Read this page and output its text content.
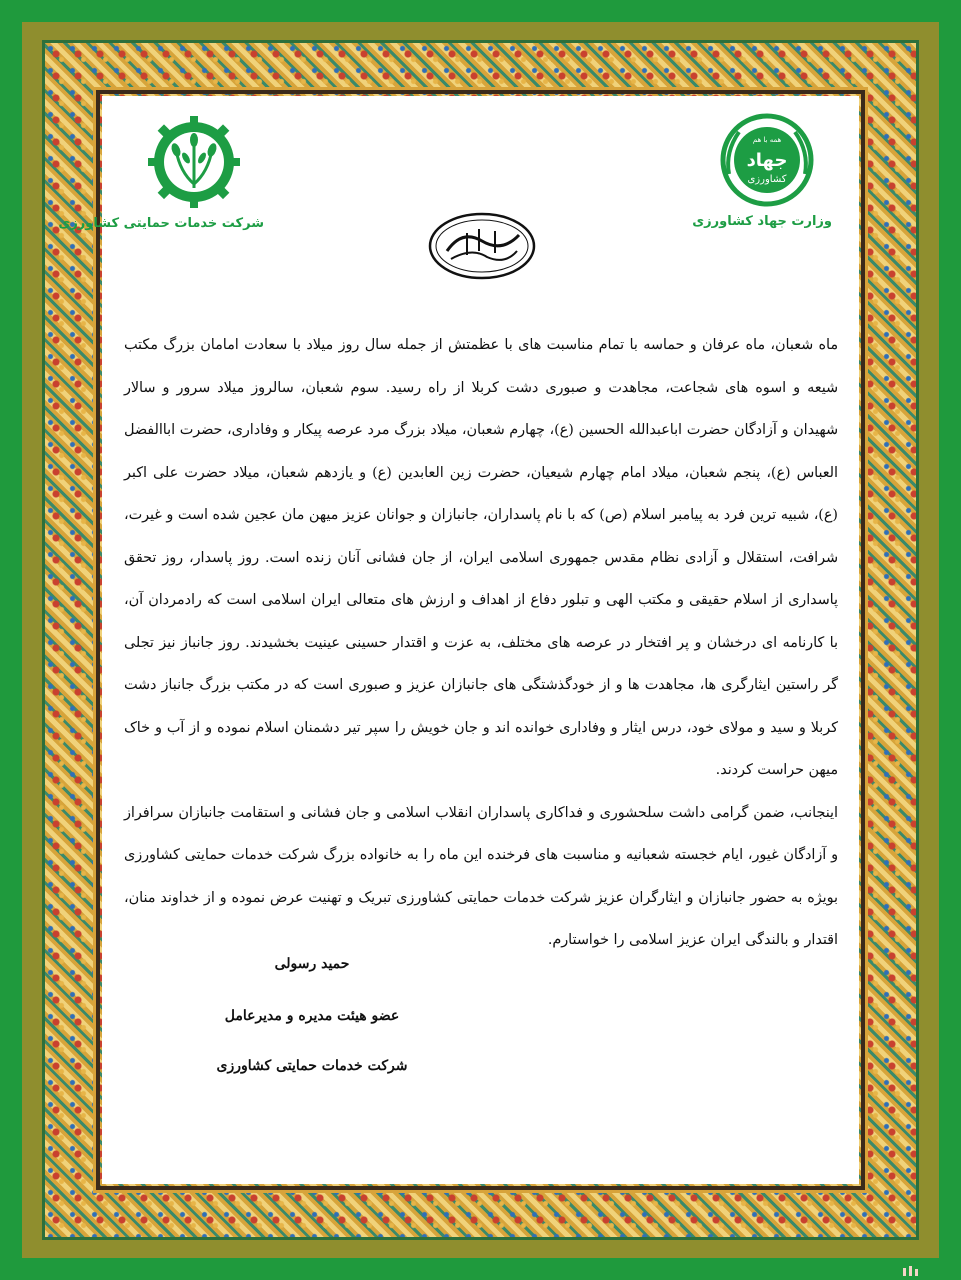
همه با هم
جهاد
کشاورزی
وزارت جهاد کشاورزی
شرکت خدمات حمایتی کشاورزی

ماه شعبان، ماه عرفان و حماسه با تمام مناسبت های با عظمتش از جمله سال روز میلاد با سعادت امامان بزرگ مکتب شیعه و اسوه های شجاعت، مجاهدت و صبوری دشت کربلا از راه رسید. سوم شعبان، سالروز میلاد سرور و سالار شهیدان و آزادگان حضرت اباعبدالله الحسین (ع)، چهارم شعبان، میلاد بزرگ مرد عرصه پیکار و وفاداری، حضرت اباالفضل العباس (ع)، پنجم شعبان، میلاد امام چهارم شیعیان، حضرت زین العابدین (ع) و یازدهم شعبان، میلاد حضرت علی اکبر (ع)، شبیه ترین فرد به پیامبر اسلام (ص) که با نام پاسداران، جانبازان و جوانان عزیز میهن مان عجین شده است و غیرت، شرافت، استقلال و آزادی نظام مقدس جمهوری اسلامی ایران، از جان فشانی آنان زنده است. روز پاسدار، روز تحقق پاسداری از اسلام حقیقی و مکتب الهی و تبلور دفاع از اهداف و ارزش های متعالی ایران اسلامی است که رادمردان آن، با کارنامه ای درخشان و پر افتخار در عرصه های مختلف، به عزت و اقتدار حسینی عینیت بخشیدند. روز جانباز نیز تجلی گر راستین ایثارگری ها، مجاهدت ها و از خودگذشتگی های جانبازان عزیز و صبوری است که در مکتب بزرگ جانباز دشت کربلا و سید و مولای خود، درس ایثار و وفاداری خوانده اند و جان خویش را سپر تیر دشمنان اسلام نموده و از آب و خاک میهن حراست کردند.

اینجانب، ضمن گرامی داشت سلحشوری و فداکاری پاسداران انقلاب اسلامی و جان فشانی و استقامت جانبازان سرافراز و آزادگان غیور، ایام خجسته شعبانیه و مناسبت های فرخنده این ماه را به خانواده بزرگ شرکت خدمات حمایتی کشاورزی بویژه به حضور جانبازان و ایثارگران عزیز شرکت خدمات حمایتی کشاورزی تبریک و تهنیت عرض نموده و از خداوند منان، اقتدار و بالندگی ایران عزیز اسلامی را خواستارم.

حمید رسولی
عضو هیئت مدیره و مدیرعامل
شرکت خدمات حمایتی کشاورزی
